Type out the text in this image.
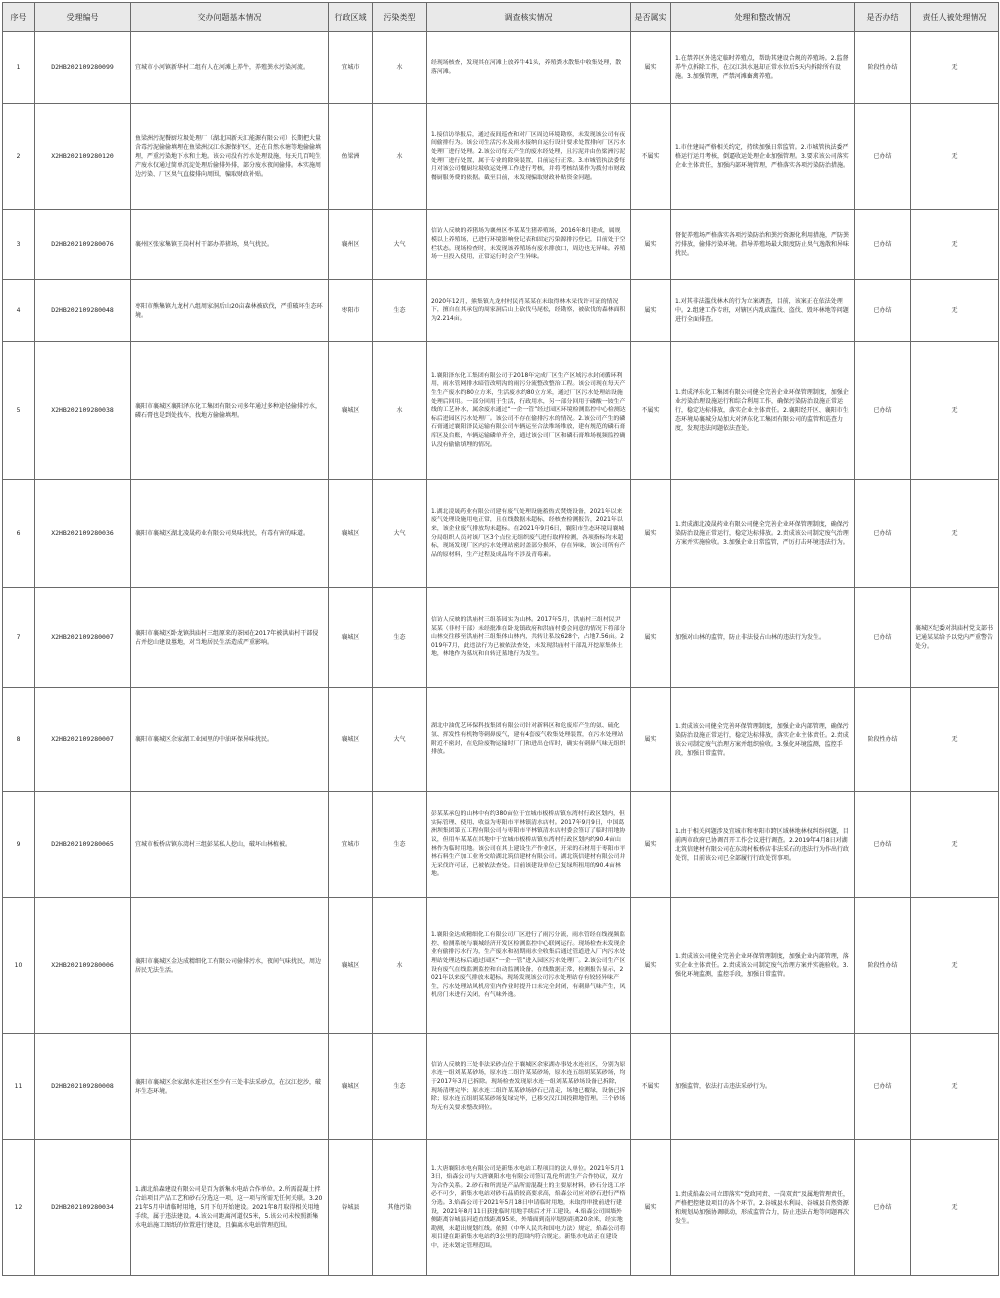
序号	受理编号	交办问题基本情况	行政区域	污染类型	调查核实情况	是否属实	处理和整改情况	是否办结	责任人被处理情况
1	D2HB202109280099	宜城市小河镇新华村二组有人在河滩上养牛，养殖粪水污染河流。	宜城市	水	经现场核查，发现其在河滩上放养牛41头，养殖粪水散集中收集处理，散落河滩。	属实	1.在禁养区外选定临时养殖点，帮助其建设合规的养殖场。2.监督养牛点拆除工作，在汉江洪水退却正常水位后5天内拆除所有设施。3.加强管理，严禁河滩畜禽养殖。	阶段性办结	无
2	X2HB202109280120	鱼梁洲污泥餐厨垃圾处理厂（湖北国新天汇能源有限公司）长期把大量含毒污泥偷偷填埋在鱼梁洲汉江水源保护区，还在自然水塘等地偷偷填埋，严重污染地下水和土地。该公司没有污水处理设施，每天几百吨生产废水仅通过简单沉淀处理后偷排外排，部分废水夜间偷排。本实施周边污染、厂区臭气直接排向周围，骗取财政补贴。	鱼梁洲	水	1.接信访举报后，通过夜间巡查和对厂区周边环境勘察，未发现该公司有夜间偷排行为。该公司生活污水及雨水接纳自运行设计要求处置排向厂区污水处理厂进行处理。2.该公司每天产生的废水经处理，且污泥并由鱼梁洲污泥处理厂进行处置，属于专业的除臭装置，目前运行正常。3.市城管执法委每月对该公司餐厨垃圾收运处理工作进行考核，并将考核结果作为拨付市财政餐厨服务费的依据。截至目前，未发现骗取财政补贴资金问题。	不属实	1.市住建局严格相关约定，持续加强日常监管。2.市城管执法委严格运行运月考核，倒逼收运处理企业加强管理。3.要求该公司落实企业主体责任，加强内部环境管理，严格落实各项污染防治措施。	已办结	无
3	D2HB202109280076	襄州区张家集镇王岗村村干部办养猪场，臭气扰民。	襄州区	大气	信访人反映的养猪场为襄州区李某某生猪养殖场，2016年8月建成，属规模以上养殖场，已进行环境影响登记表和固定污染源排污登记，目前处于空栏状态。现场检查时，未发现该养殖场有废水排放口，周边也无异味。养殖场一旦投入使用，正常运行时会产生异味。	属实	督促养殖场严格落实各项污染防治和粪污资源化利用措施，严防粪污排放，偷排污染环境。指导养殖场最大限度防止臭气逸散和异味扰民。	已办结	无
4	D2HB202109280048	枣阳市熊集镇九龙村八组周家洞后山20亩森林被砍伐，严重破坏生态环境。	枣阳市	生态	2020年12月，熊集镇九龙村村民肖某某在未取得林木采伐许可证的情况下，擅自在其承包的周家洞后山上砍伐马尾松，经勘察，被砍伐的森林面积为2.214亩。	属实	1.对其非法滥伐林木的行为立案调查，目前，该案正在依法处理中。2.组建工作专班，对辖区内乱砍滥伐、盗伐、毁坏林地等问题进行全面排查。	已办结	无
5	X2HB202109280038	襄阳市襄城区襄阳泽东化工集团有限公司多年通过多种途径偷排污水，磷石膏也是到处找车，找地方偷偷填埋。	襄城区	水	1.襄阳泽东化工集团有限公司于2018年完成厂区生产区域污水封闭循环利用，雨水管网排水暗管改明沟的雨污分流整改整治工程。该公司现在每天产生生产废水约80立方米，生活废水约80立方米，通过厂区污水处理站设施处理后回用。一部分回用于生活，行政用水，另一部分回用于磷酸一铵生产线的工艺补水，属余废水通过“一企一管”经过园区环境检测监控中心检测达标后进园区污水处理厂。该公司不存在偷排污水的情况。2.该公司产生的磷石膏通过襄阳泽民运输有限公司车辆运至合法堆场堆放，建有规范的磷石膏库区及台账，车辆运输磷单齐全，通过该公司厂区和磷石膏堆场视频监控确认没有偷偷填埋的情况。	不属实	1.责成泽东化工集团有限公司健全完善企业环保管理制度，加强企业污染治理设施运行和综合利用工作，确保污染防治设施正常运行，稳定达标排放，落实企业主体责任。2.襄阳经开区、襄阳市生态环境局襄城分局加大对泽东化工集团有限公司的监管和巡查力度，发现违法问题依法查处。	已办结	无
6	X2HB202109280036	襄阳市襄城区湖北凌晟药业有限公司臭味扰民，有毒有害的味道。	襄城区	大气	1.湖北凌晟药业有限公司建有废气处理设施蓄热式焚烧设备，2021年以来废气处理设施用电正常，且在线数据未超标，经核查检测报告，2021年以来，该企业废气排放均未超标。在2021年9月6日，襄阳市生态环境局襄城分局组织人员对该厂区3个点位无组织废气进行取样检测，各项指标均未超标，现场发现厂区内污水处理站密封盖部分损坏，存在异味，该公司所有产品的原材料，生产过程及成品均不涉及青莓素。	属实	1.责成湖北凌晟药业有限公司健全完善企业环保管理制度，确保污染防治设施正常运行，稳定达标排放。2.责成该公司制定废气治理方案并实施验收。3.加强企业日常监管，严厉打击环境违法行为。	已办结	无
7	X2HB202109280007	襄阳市襄城区卧龙镇洪庙村三组原来的茶园在2017年被洪庙村干部侵占并挖山建设墓地，对当地居民生活造成严重影响。	襄城区	生态	信访人反映的洪庙村三组茶园实为山林。2017年5月，洪庙村三组村民尹某某（非村干部）未经批准在卧龙镇政府和洪庙村委会同意的情况下将部分山林交往移至洪庙村三组集体山林内，共转让私坟628个，占地7.56亩。2019年7月，此违法行为已被依法查处，未发现洪庙村干部乱开挖原集体土地，林地作为墓坑和自转迁墓地行为发生。	属实	加强对山林的监管，防止非法侵占山林的违法行为发生。	已办结	襄城区纪委对洪庙村党支部书记通某某给予以党内严重警告处分。
8	X2HB202109280007	襄阳市襄城区余家湖工业园里的中油环保异味扰民。	襄城区	大气	湖北中油优艺环保科技集团有限公司针对新料区和危废库产生的氨、硫化氢、挥发性有机物等刺鼻废气，建有4套废气收集处理装置，在污水处理站附近不密封，在危险废物运输时厂门和进出仓库时，确实有刺鼻气味无组织排放。	属实	1.责成该公司健全完善环保管理制度，加强企业内部管理，确保污染防治设施正常运行，稳定达标排放，落实企业主体责任。2.责成该公司制定废气治理方案并组织验收。3.强化环境监测，监控手段，加强日常监管。	阶段性办结	无
9	D2HB202109280065	宜城市板桥店镇东湾村三组彭某私人挖山，破坏山林植被。	宜城市	生态	彭某某承包的山林中有约380亩位于宜城市板桥店镇东湾村行政区划内，但实际管理、使用、收益为枣阳市平林镇清水店村。2017年9月9日，中国葛洲坝集团第五工程有限公司与枣阳市平林镇清水店村委会签订了临时用地协议，但用车某某在其地中于宜城市板桥店镇东湾村行政区划内约90.4亩山林作为临时用地。该公司在其上建设生产作业区，开采的石材用于枣阳市平林石料生产加工业务交给湖北筑信建材有限公司。湖北筑信建材有限公司并无采伐许可证，已被依法查处。目前该建设单位已复绿所租用的90.4亩林地。	属实	1.由于相关问题涉及宜城市和枣阳市跨区域林地林权纠纷问题，目前两市政府已协调召开工作会议进行调查。2.2019年4月8日对湖北筑信建材有限公司在东湾村板桥店非法采石的违法行为作出行政处罚，目前该公司已全部履行行政处罚事项。	已办结	无
10	X2HB202109280006	襄阳市襄城区金达成精细化工有限公司偷排污水，夜间气味扰民，周边居民无法生活。	襄城区	水	1.襄阳金达成精细化工有限公司厂区进行了雨污分流，雨水管经在线视频监控、检测系统与襄城经济开发区检测监控中心联网运行。现场检查未发现企业有偷排污水行为，生产废水和初期雨水全收集后通过管道进入厂内污水处理站处理达标后通过园区“一企一管”进入园区污水处理厂。2.该公司生产区设有废气在线监测监控和自动监测设备，在线数据正常，检测报告显示，2021年以来废气排放未超标。现场发现该公司污水处理站存有较轻异味产生，污水处理站风机房室内作业时提升口未完全封闭，有刺鼻气味产生，风机房门未进行关闭，有气味外逸。	属实	1.责成该公司健全完善企业环保管理制度，加强企业内部管理，落实企业主体责任。2.责成该公司制定废气治理方案并实施验收。3.强化环境监测，监控手段，加强日常监管。	阶段性办结	无
11	D2HB202109280008	襄阳市襄城区余家湖水连社区至少有三处非法采砂点，在汉江挖沙，破坏生态环境。	襄城区	生态	信访人反映的三处非法采砂点位于襄城区余家湖办事处水连社区，分别为原水连一组刘某某砂场，原水连二组许某某砂场，原水连五组胡某某砂场，均于2017年3月已拆除。现场检查发现原水连一组刘某某砂场设备已拆除，现场清理完毕；原水连二组许某某砂场砂石已清走，场地已覆绿，设备已拆除；原水连五组胡某某砂场复绿完毕，已移交汉江国投耕地管理。三个砂场均无有关要求整改到位。	不属实	加强监管，依法打击违法采砂行为。	已办结	无
12	D2HB202109280034	1.湖北焰森建设有限公司是百为新集水电站合作单位。2.所需混凝土拌合站项目产品工艺和砂石分选这一项，这一项与所需无任何关联。3.2021年5月申请临时用地，5月下旬开始建设。2021年8月取得相关用地手续，属于违法建设。4.该公司距离河道仅5米，5.该公司未按照新集水电站施工图纸的位置进行建设，且偏离水电站管理范围。	谷城县	其他污染	1.大唐襄阳水电有限公司是新集水电站工程项目的法人单位。2021年5月13日，焰森公司与大唐襄阳水电有限公司签订乱伦所需生产合作协议，双方为合作关系。2.砂石和所需是产品所需混凝土的主要原材料，砂石分选工序必不可少，新集水电站对砂石品质较高要求高，焰森公司应对砂石进行严格分选。3.焰森公司于2021年5月18日申请临时用地，未取得审批前进行建设，2021年8月11日获批临时用地手续后才开工建设。4.焰森公司围墙外侧距离谷城县河道直线距离95米，外墙面到南岸堤防距离20余米，经实地勘测，未超出规划红线。依照（中华人民共和国电力法）规定，焰森公司将项目建在距新集水电站约3公里的范围内符合规定。新集水电站正在建设中，还未划定管理范围。	属实	1.责成焰森公司立即落实“党政同责、一岗双责”及属地管理责任，严格把控建设项目的各个环节。2.谷城县水利局、谷城县自然资源和规划局加强协调联动，形成监管合力，防止违法占地等问题再次发生。	已办结	无
